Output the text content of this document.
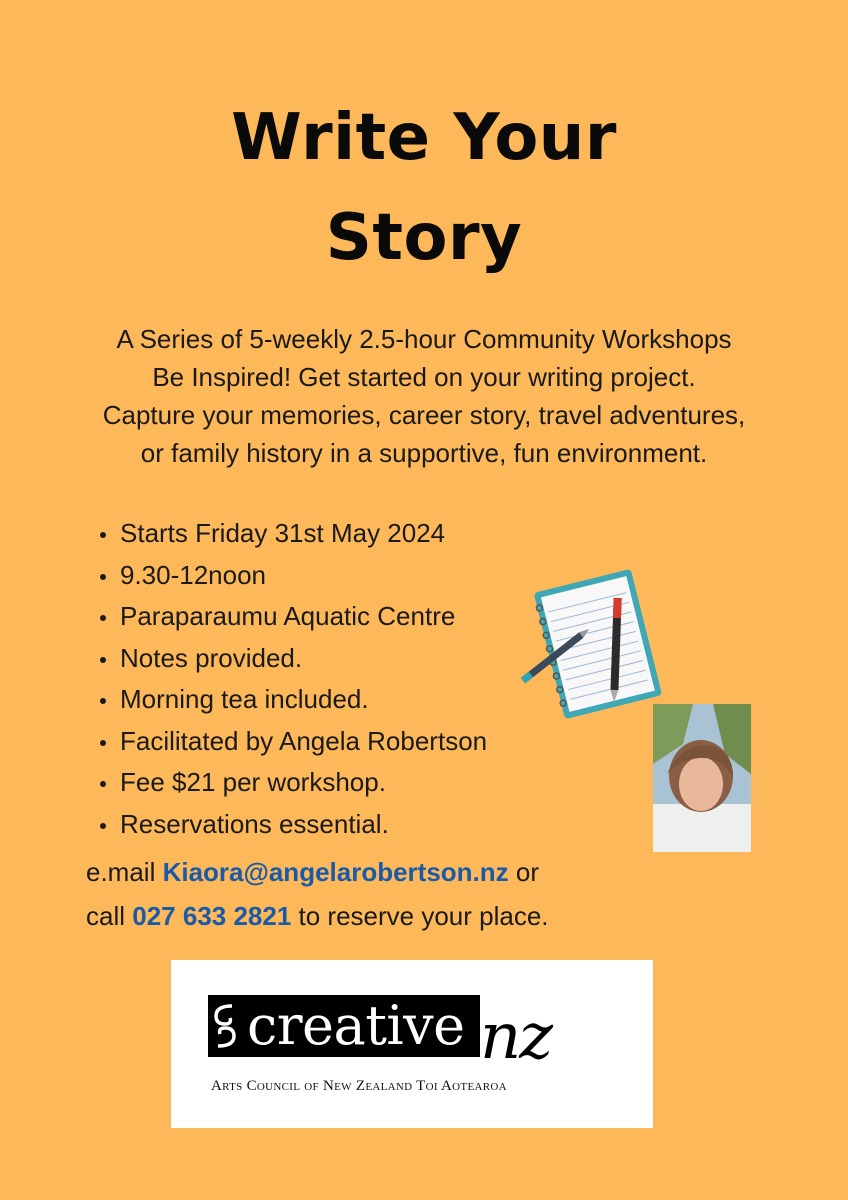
Write Your
Story
A Series of 5-weekly 2.5-hour Community Workshops
Be Inspired! Get started on your writing project.
Capture your memories, career story, travel adventures,
or family history in a supportive, fun environment.
Starts Friday 31st May 2024
9.30-12noon
Paraparaumu Aquatic Centre
Notes provided.
Morning tea included.
Facilitated by Angela Robertson
Fee $21 per workshop.
Reservations essential.
e.mail Kiaora@angelarobertson.nz or
call 027 633 2821 to reserve your place.
creative nz
Arts Council of New Zealand Toi Aotearoa
